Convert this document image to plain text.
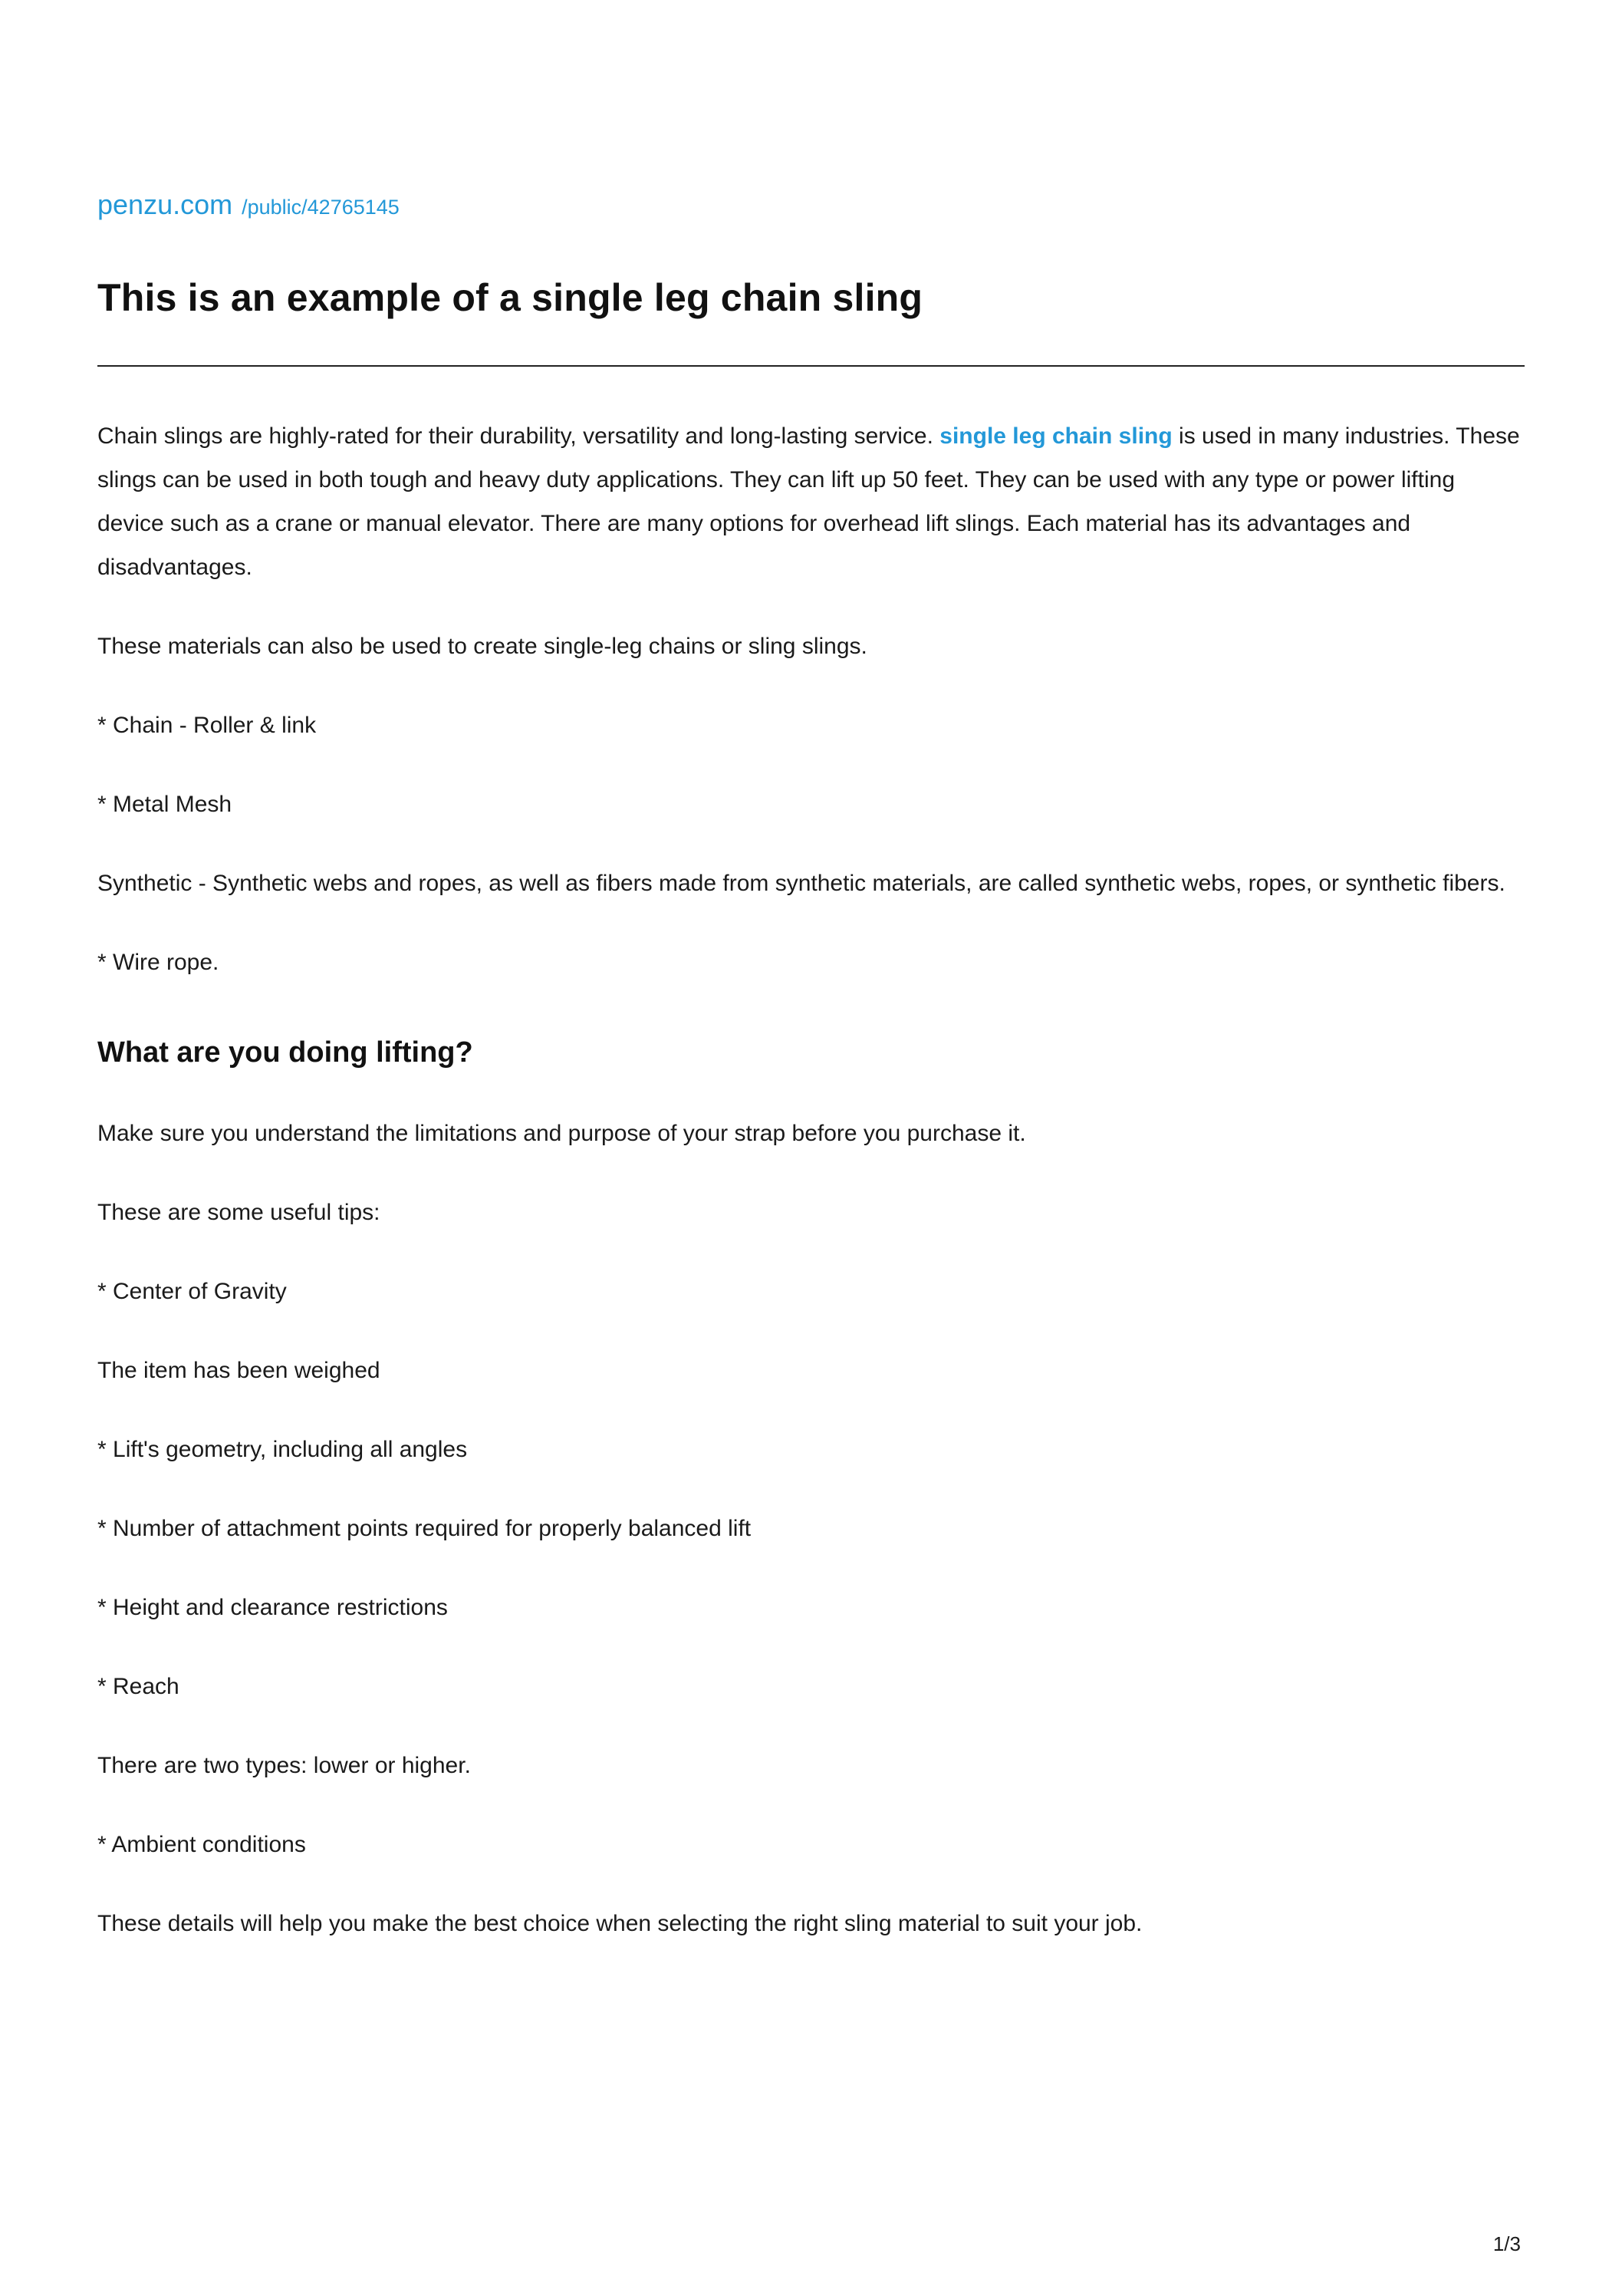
penzu.com /public/42765145
This is an example of a single leg chain sling

Chain slings are highly-rated for their durability, versatility and long-lasting service. single leg chain sling is used in many industries. These slings can be used in both tough and heavy duty applications. They can lift up 50 feet. They can be used with any type or power lifting device such as a crane or manual elevator. There are many options for overhead lift slings. Each material has its advantages and disadvantages.

These materials can also be used to create single-leg chains or sling slings.

* Chain - Roller & link

* Metal Mesh

Synthetic - Synthetic webs and ropes, as well as fibers made from synthetic materials, are called synthetic webs, ropes, or synthetic fibers.

* Wire rope.

What are you doing lifting?

Make sure you understand the limitations and purpose of your strap before you purchase it.

These are some useful tips:

* Center of Gravity

The item has been weighed

* Lift's geometry, including all angles

* Number of attachment points required for properly balanced lift

* Height and clearance restrictions

* Reach

There are two types: lower or higher.

* Ambient conditions

These details will help you make the best choice when selecting the right sling material to suit your job.

1/3
